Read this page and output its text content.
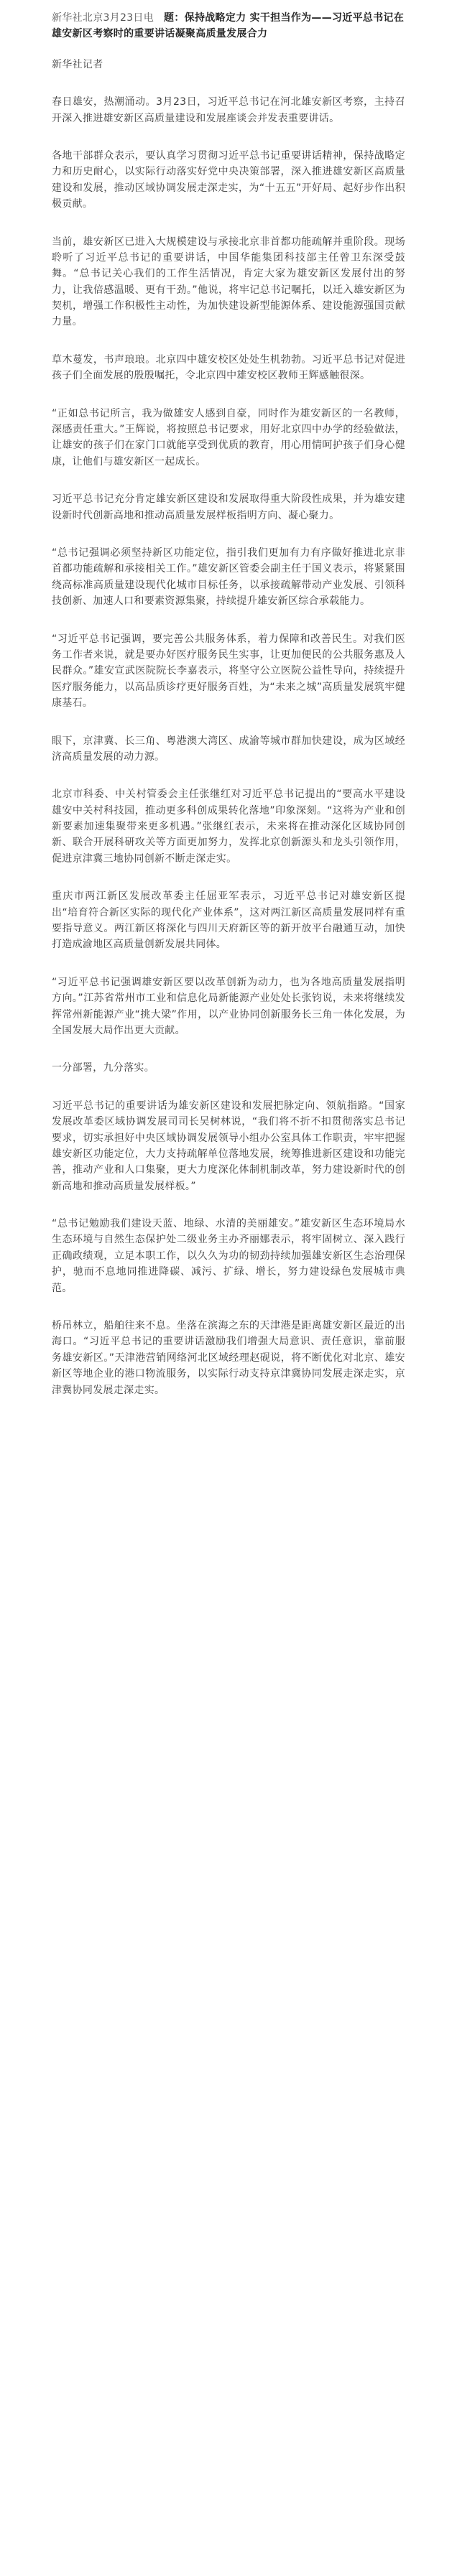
新华社北京3月23日电 题：保持战略定力 实干担当作为——习近平总书记在雄安新区考察时的重要讲话凝聚高质量发展合力

新华社记者

春日雄安，热潮涌动。3月23日，习近平总书记在河北雄安新区考察，主持召开深入推进雄安新区高质量建设和发展座谈会并发表重要讲话。

各地干部群众表示，要认真学习贯彻习近平总书记重要讲话精神，保持战略定力和历史耐心，以实际行动落实好党中央决策部署，深入推进雄安新区高质量建设和发展，推动区域协调发展走深走实，为“十五五”开好局、起好步作出积极贡献。

当前，雄安新区已进入大规模建设与承接北京非首都功能疏解并重阶段。现场聆听了习近平总书记的重要讲话，中国华能集团科技部主任曾卫东深受鼓舞。“总书记关心我们的工作生活情况，肯定大家为雄安新区发展付出的努力，让我倍感温暖、更有干劲。”他说，将牢记总书记嘱托，以迁入雄安新区为契机，增强工作积极性主动性，为加快建设新型能源体系、建设能源强国贡献力量。

草木蔓发，书声琅琅。北京四中雄安校区处处生机勃勃。习近平总书记对促进孩子们全面发展的殷殷嘱托，令北京四中雄安校区教师王辉感触很深。

“正如总书记所言，我为做雄安人感到自豪，同时作为雄安新区的一名教师，深感责任重大。”王辉说，将按照总书记要求，用好北京四中办学的经验做法，让雄安的孩子们在家门口就能享受到优质的教育，用心用情呵护孩子们身心健康，让他们与雄安新区一起成长。

习近平总书记充分肯定雄安新区建设和发展取得重大阶段性成果，并为雄安建设新时代创新高地和推动高质量发展样板指明方向、凝心聚力。

“总书记强调必须坚持新区功能定位，指引我们更加有力有序做好推进北京非首都功能疏解和承接相关工作。”雄安新区管委会副主任于国义表示，将紧紧围绕高标准高质量建设现代化城市目标任务，以承接疏解带动产业发展、引领科技创新、加速人口和要素资源集聚，持续提升雄安新区综合承载能力。

“习近平总书记强调，要完善公共服务体系，着力保障和改善民生。对我们医务工作者来说，就是要办好医疗服务民生实事，让更加便民的公共服务惠及人民群众。”雄安宣武医院院长李嘉表示，将坚守公立医院公益性导向，持续提升医疗服务能力，以高品质诊疗更好服务百姓，为“未来之城”高质量发展筑牢健康基石。

眼下，京津冀、长三角、粤港澳大湾区、成渝等城市群加快建设，成为区域经济高质量发展的动力源。

北京市科委、中关村管委会主任张继红对习近平总书记提出的“要高水平建设雄安中关村科技园，推动更多科创成果转化落地”印象深刻。“这将为产业和创新要素加速集聚带来更多机遇。”张继红表示，未来将在推动深化区域协同创新、联合开展科研攻关等方面更加努力，发挥北京创新源头和龙头引领作用，促进京津冀三地协同创新不断走深走实。

重庆市两江新区发展改革委主任屈亚军表示，习近平总书记对雄安新区提出“培育符合新区实际的现代化产业体系”，这对两江新区高质量发展同样有重要指导意义。两江新区将深化与四川天府新区等的新开放平台融通互动，加快打造成渝地区高质量创新发展共同体。

“习近平总书记强调雄安新区要以改革创新为动力，也为各地高质量发展指明方向。”江苏省常州市工业和信息化局新能源产业处处长张钧说，未来将继续发挥常州新能源产业“挑大梁”作用，以产业协同创新服务长三角一体化发展，为全国发展大局作出更大贡献。

一分部署，九分落实。

习近平总书记的重要讲话为雄安新区建设和发展把脉定向、领航指路。“国家发展改革委区域协调发展司司长吴树林说，“我们将不折不扣贯彻落实总书记要求，切实承担好中央区域协调发展领导小组办公室具体工作职责，牢牢把握雄安新区功能定位，大力支持疏解单位落地发展，统筹推进新区建设和功能完善，推动产业和人口集聚，更大力度深化体制机制改革，努力建设新时代的创新高地和推动高质量发展样板。”

“总书记勉励我们建设天蓝、地绿、水清的美丽雄安。”雄安新区生态环境局水生态环境与自然生态保护处二级业务主办齐丽娜表示，将牢固树立、深入践行正确政绩观，立足本职工作，以久久为功的韧劲持续加强雄安新区生态治理保护，驰而不息地同推进降碳、减污、扩绿、增长，努力建设绿色发展城市典范。

桥吊林立，船舶往来不息。坐落在滨海之东的天津港是距离雄安新区最近的出海口。“习近平总书记的重要讲话激励我们增强大局意识、责任意识，靠前服务雄安新区。”天津港营销网络河北区域经理赵砚说，将不断优化对北京、雄安新区等地企业的港口物流服务，以实际行动支持京津冀协同发展走深走实，京津冀协同发展走深走实。
